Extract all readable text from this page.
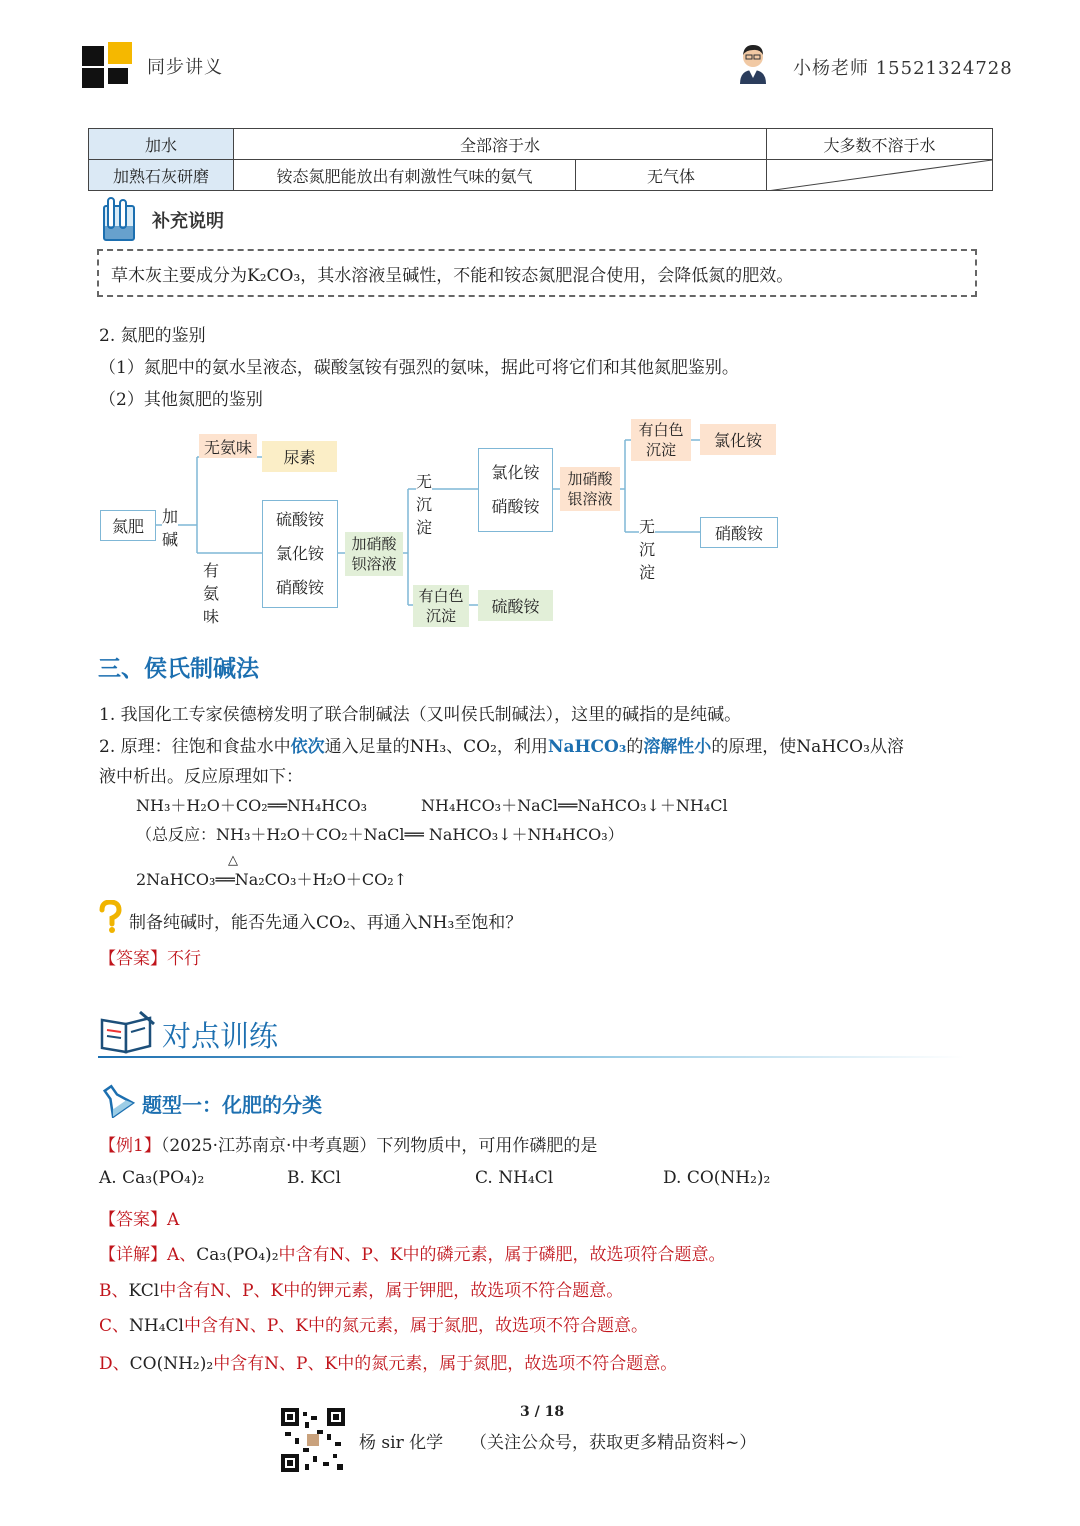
同步讲义	小杨老师 15521324728
加水	全部溶于水		大多数不溶于水
加熟石灰研磨	铵态氮肥能放出有刺激性气味的氨气	无气体	
补充说明
草木灰主要成分为K₂CO₃，其水溶液呈碱性，不能和铵态氮肥混合使用，会降低氮的肥效。
2. 氮肥的鉴别
（1）氮肥中的氨水呈液态，碳酸氢铵有强烈的氨味，据此可将它们和其他氮肥鉴别。
（2）其他氮肥的鉴别
氮肥
加碱
无氨味
尿素
有氨味
硫酸铵
氯化铵
硝酸铵
加硝酸
钡溶液
无沉淀
氯化铵
硝酸铵
有白色
沉淀	硫酸铵
加硝酸
银溶液
有白色
沉淀	氯化铵
无沉淀
硝酸铵
三、侯氏制碱法
1. 我国化工专家侯德榜发明了联合制碱法（又叫侯氏制碱法），这里的碱指的是纯碱。
2. 原理：往饱和食盐水中依次通入足量的NH₃、CO₂，利用NaHCO₃的溶解性小的原理，使NaHCO₃从溶
液中析出。反应原理如下：
NH₃＋H₂O＋CO₂══NH₄HCO₃	NH₄HCO₃＋NaCl══NaHCO₃↓＋NH₄Cl
（总反应：NH₃＋H₂O＋CO₂＋NaCl══ NaHCO₃↓＋NH₄HCO₃）
△
2NaHCO₃══Na₂CO₃＋H₂O＋CO₂↑
制备纯碱时，能否先通入CO₂、再通入NH₃至饱和？
【答案】不行
对点训练
题型一：化肥的分类
【例1】（2025·江苏南京·中考真题）下列物质中，可用作磷肥的是
A. Ca₃(PO₄)₂	B. KCl	C. NH₄Cl	D. CO(NH₂)₂
【答案】A
【详解】A、Ca₃(PO₄)₂中含有N、P、K中的磷元素，属于磷肥，故选项符合题意。
B、KCl中含有N、P、K中的钾元素，属于钾肥，故选项不符合题意。
C、NH₄Cl中含有N、P、K中的氮元素，属于氮肥，故选项不符合题意。
D、CO(NH₂)₂中含有N、P、K中的氮元素，属于氮肥，故选项不符合题意。
3 / 18
杨 sir 化学 （关注公众号，获取更多精品资料~）
